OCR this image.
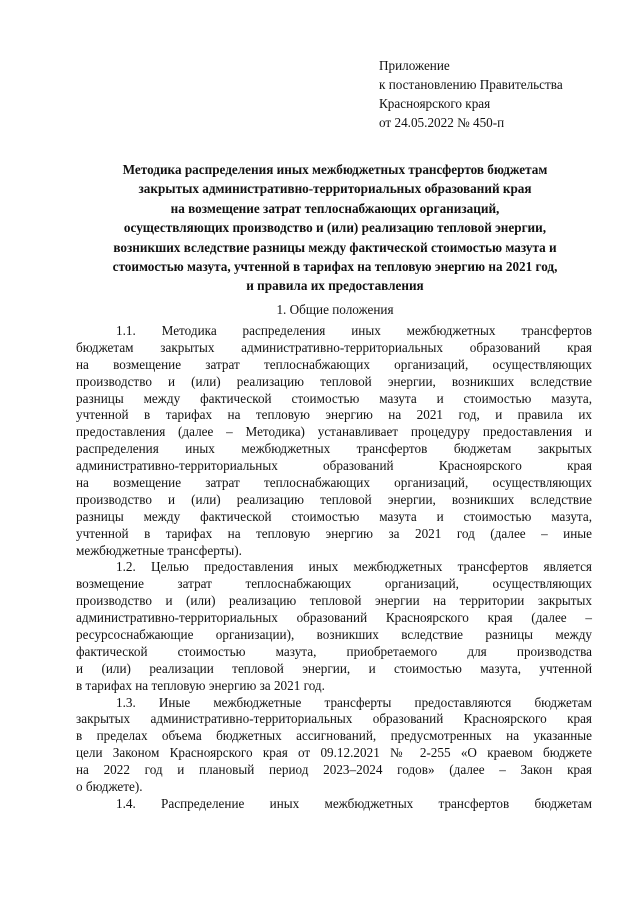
Приложение
к постановлению Правительства
Красноярского края
от 24.05.2022 № 450-п
Методика распределения иных межбюджетных трансфертов бюджетам
закрытых административно-территориальных образований края
на возмещение затрат теплоснабжающих организаций,
осуществляющих производство и (или) реализацию тепловой энергии,
возникших вследствие разницы между фактической стоимостью мазута и
стоимостью мазута, учтенной в тарифах на тепловую энергию на 2021 год,
и правила их предоставления
1. Общие положения
1.1. Методика распределения иных межбюджетных трансфертов
бюджетам закрытых административно-территориальных образований края
на возмещение затрат теплоснабжающих организаций, осуществляющих
производство и (или) реализацию тепловой энергии, возникших вследствие
разницы между фактической стоимостью мазута и стоимостью мазута,
учтенной в тарифах на тепловую энергию на 2021 год, и правила их
предоставления (далее – Методика) устанавливает процедуру предоставления и
распределения иных межбюджетных трансфертов бюджетам закрытых
административно-территориальных образований Красноярского края
на возмещение затрат теплоснабжающих организаций, осуществляющих
производство и (или) реализацию тепловой энергии, возникших вследствие
разницы между фактической стоимостью мазута и стоимостью мазута,
учтенной в тарифах на тепловую энергию за 2021 год (далее – иные
межбюджетные трансферты).
1.2. Целью предоставления иных межбюджетных трансфертов является
возмещение затрат теплоснабжающих организаций, осуществляющих
производство и (или) реализацию тепловой энергии на территории закрытых
административно-территориальных образований Красноярского края (далее –
ресурсоснабжающие организации), возникших вследствие разницы между
фактической стоимостью мазута, приобретаемого для производства
и (или) реализации тепловой энергии, и стоимостью мазута, учтенной
в тарифах на тепловую энергию за 2021 год.
1.3. Иные межбюджетные трансферты предоставляются бюджетам
закрытых административно-территориальных образований Красноярского края
в пределах объема бюджетных ассигнований, предусмотренных на указанные
цели Законом Красноярского края от 09.12.2021 № 2-255 «О краевом бюджете
на 2022 год и плановый период 2023–2024 годов» (далее – Закон края
о бюджете).
1.4. Распределение иных межбюджетных трансфертов бюджетам
